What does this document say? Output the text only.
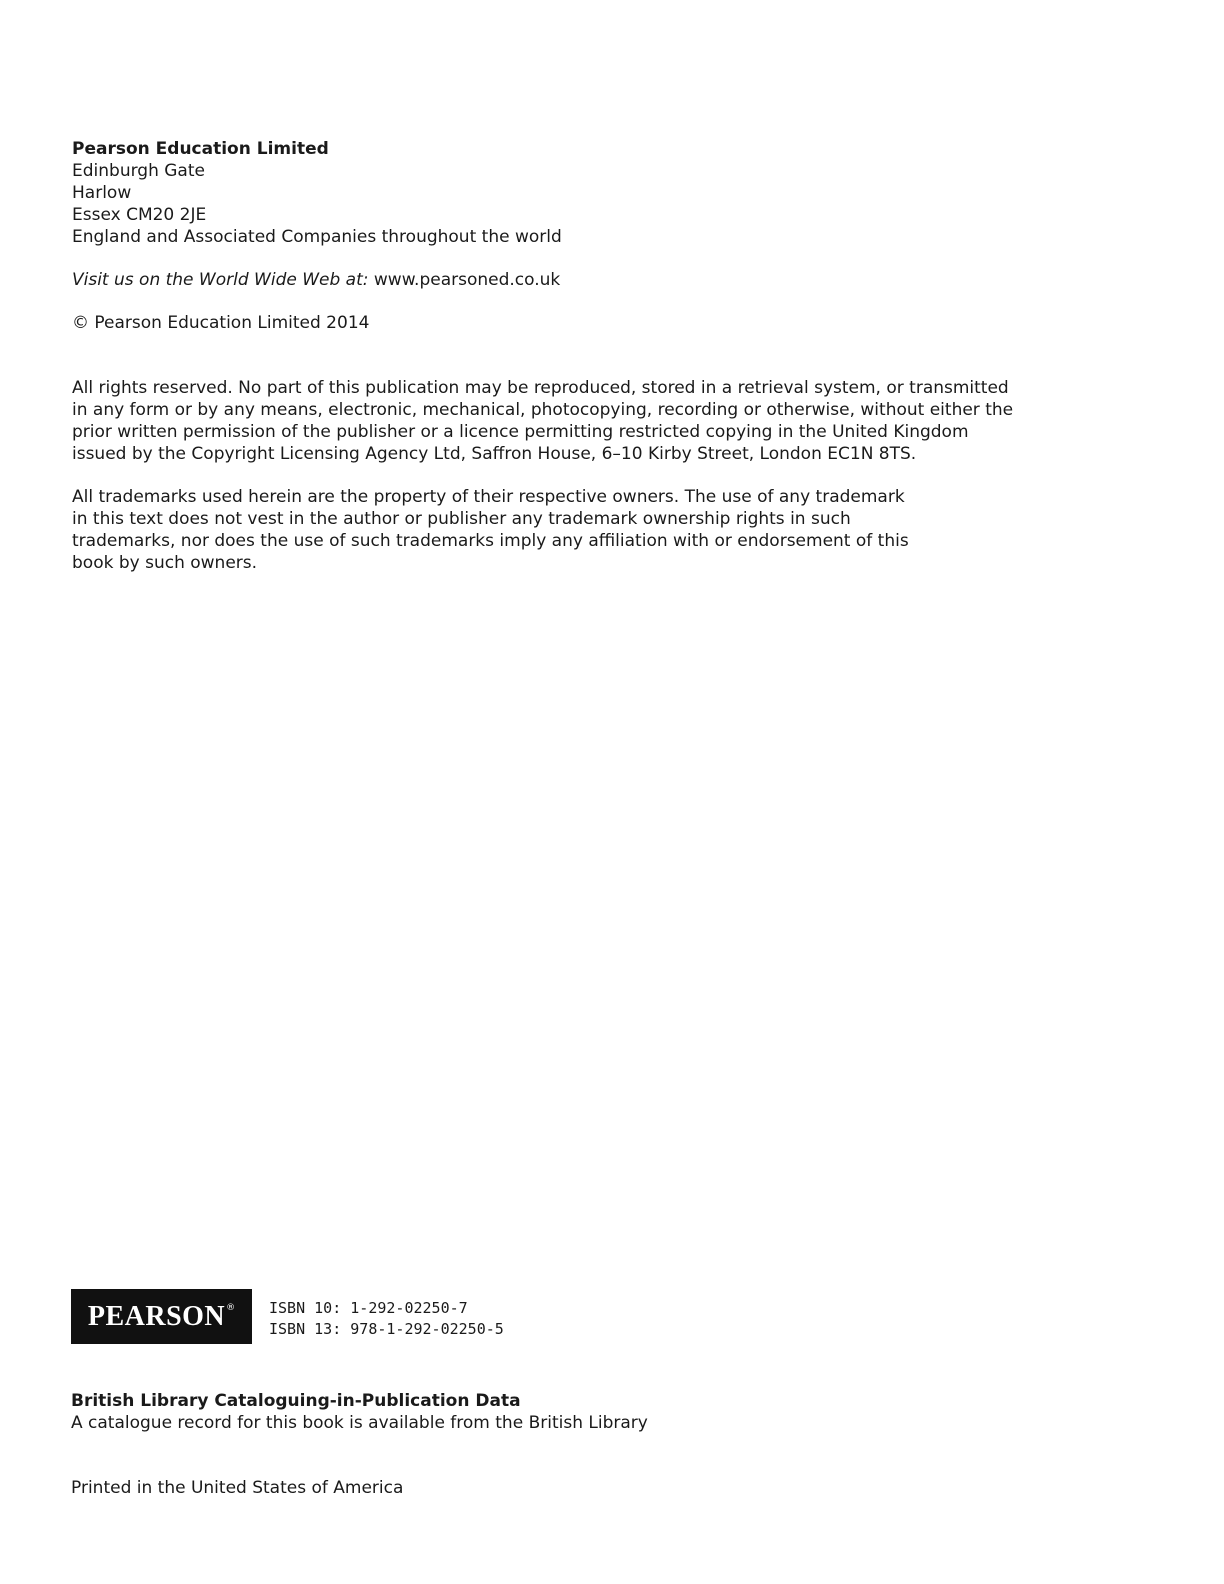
Pearson Education Limited
Edinburgh Gate
Harlow
Essex CM20 2JE
England and Associated Companies throughout the world
Visit us on the World Wide Web at: www.pearsoned.co.uk
© Pearson Education Limited 2014
All rights reserved. No part of this publication may be reproduced, stored in a retrieval system, or transmitted
in any form or by any means, electronic, mechanical, photocopying, recording or otherwise, without either the
prior written permission of the publisher or a licence permitting restricted copying in the United Kingdom
issued by the Copyright Licensing Agency Ltd, Saffron House, 6–10 Kirby Street, London EC1N 8TS.
All trademarks used herein are the property of their respective owners. The use of any trademark
in this text does not vest in the author or publisher any trademark ownership rights in such
trademarks, nor does the use of such trademarks imply any affiliation with or endorsement of this
book by such owners.
PEARSON ® ISBN 10: 1-292-02250-7
ISBN 13: 978-1-292-02250-5
British Library Cataloguing-in-Publication Data
A catalogue record for this book is available from the British Library
Printed in the United States of America
